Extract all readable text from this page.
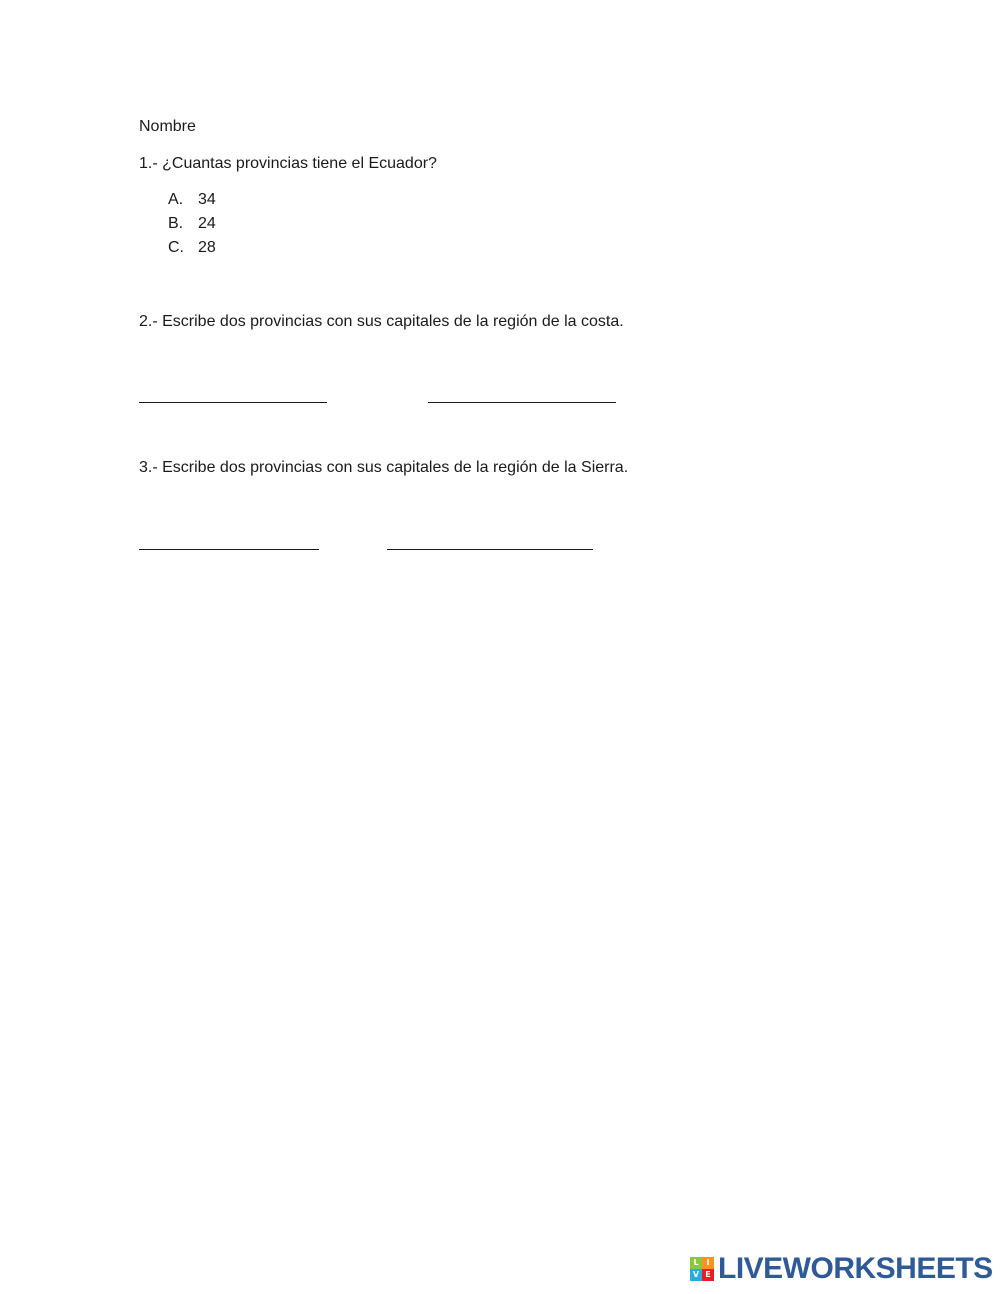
Nombre
1.- ¿Cuantas provincias tiene el Ecuador?
A. 34
B. 24
C. 28
2.- Escribe dos provincias con sus capitales de la región de la costa.
3.- Escribe dos provincias con sus capitales de la región de la Sierra.
L I
V E LIVEWORKSHEETS
